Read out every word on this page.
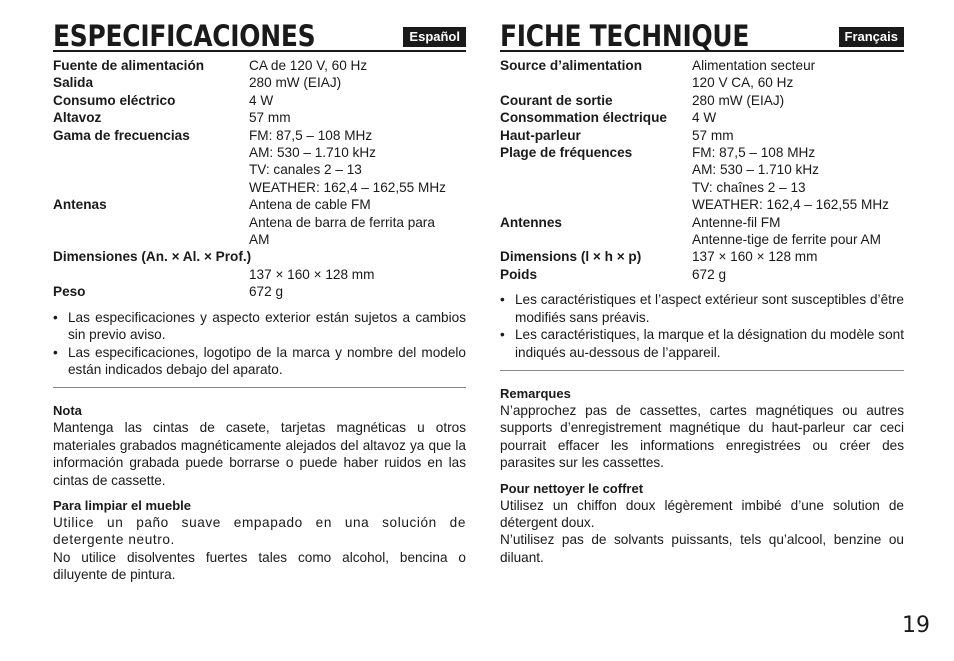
ESPECIFICACIONES	Español
Fuente de alimentación	CA de 120 V, 60 Hz
Salida	280 mW (EIAJ)
Consumo eléctrico	4 W
Altavoz	57 mm
Gama de frecuencias	FM: 87,5 – 108 MHz
AM: 530 – 1.710 kHz
TV: canales 2 – 13
WEATHER: 162,4 – 162,55 MHz
Antenas	Antena de cable FM
Antena de barra de ferrita para
AM
Dimensiones (An. × Al. × Prof.)
137 × 160 × 128 mm
Peso	672 g
• Las especificaciones y aspecto exterior están sujetos a cambios sin previo aviso.
• Las especificaciones, logotipo de la marca y nombre del modelo están indicados debajo del aparato.
Nota

Mantenga las cintas de casete, tarjetas magnéticas u otros materiales grabados magnéticamente alejados del altavoz ya que la información grabada puede borrarse o puede haber ruidos en las cintas de cassette.

Para limpiar el mueble

Utilice un paño suave empapado en una solución de detergente neutro.

No utilice disolventes fuertes tales como alcohol, bencina o diluyente de pintura.

FICHE TECHNIQUE	Français
Source d’alimentation	Alimentation secteur
120 V CA, 60 Hz
Courant de sortie	280 mW (EIAJ)
Consommation électrique	4 W
Haut-parleur	57 mm
Plage de fréquences	FM: 87,5 – 108 MHz
AM: 530 – 1.710 kHz
TV: chaînes 2 – 13
WEATHER: 162,4 – 162,55 MHz
Antennes	Antenne-fil FM
Antenne-tige de ferrite pour AM
Dimensions (l × h × p)	137 × 160 × 128 mm
Poids	672 g
• Les caractéristiques et l’aspect extérieur sont susceptibles d’être modifiés sans préavis.
• Les caractéristiques, la marque et la désignation du modèle sont indiqués au-dessous de l’appareil.
Remarques

N’approchez pas de cassettes, cartes magnétiques ou autres supports d’enregistrement magnétique du haut-parleur car ceci pourrait effacer les informations enregistrées ou créer des parasites sur les cassettes.

Pour nettoyer le coffret

Utilisez un chiffon doux légèrement imbibé d’une solution de détergent doux.

N’utilisez pas de solvants puissants, tels qu’alcool, benzine ou diluant.

19
